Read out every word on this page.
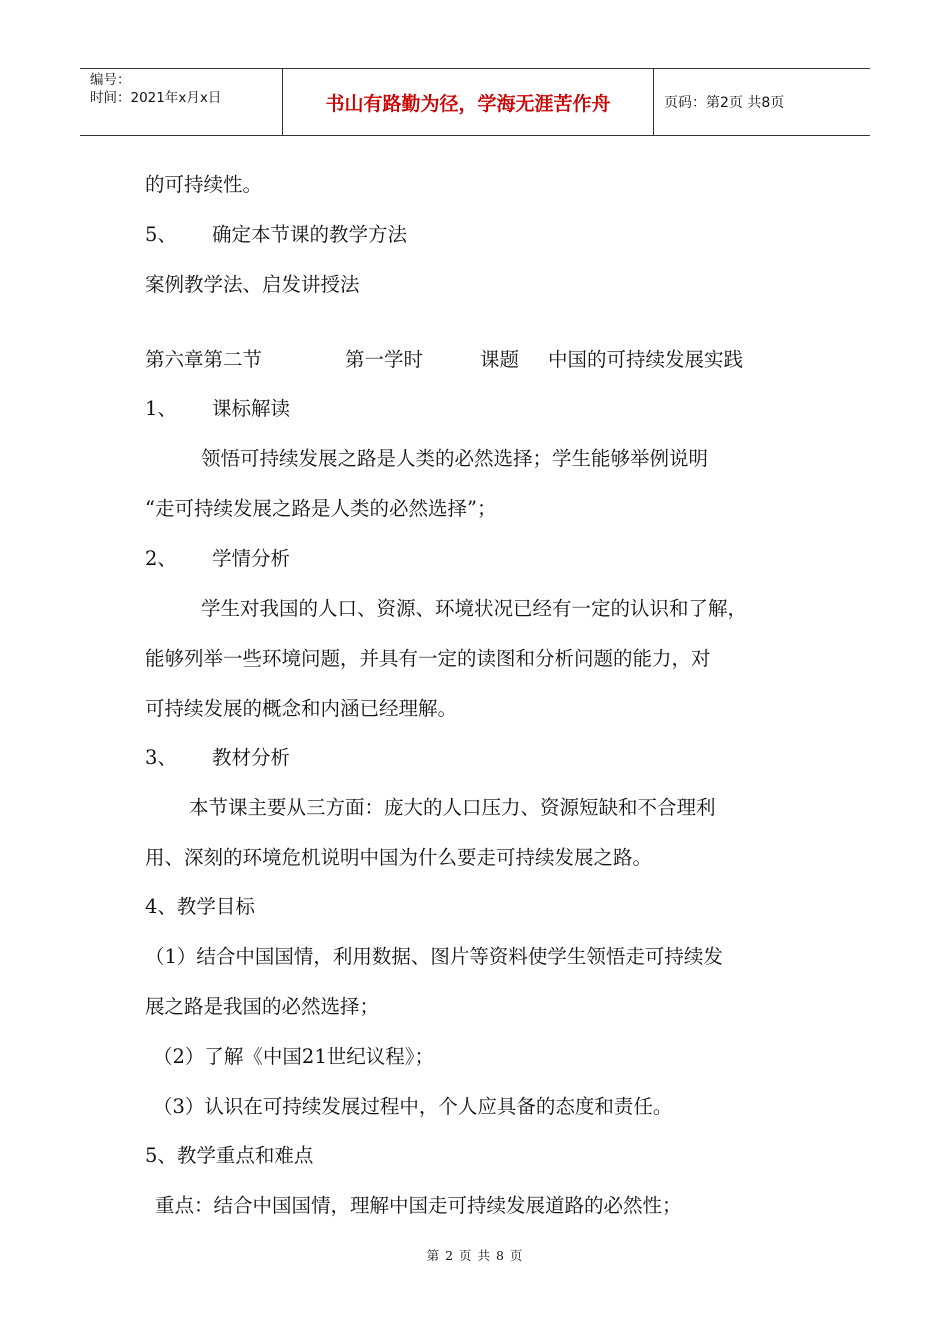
编号：
时间：2021年x月x日	书山有路勤为径，学海无涯苦作舟	页码：第2页 共8页
的可持续性。
5、 确定本节课的教学方法
案例教学法、启发讲授法
第六章第二节	第一学时	课题 中国的可持续发展实践
1、 课标解读
领悟可持续发展之路是人类的必然选择；学生能够举例说明
“走可持续发展之路是人类的必然选择”；
2、 学情分析
学生对我国的人口、资源、环境状况已经有一定的认识和了解，
能够列举一些环境问题，并具有一定的读图和分析问题的能力，对
可持续发展的概念和内涵已经理解。
3、 教材分析
本节课主要从三方面：庞大的人口压力、资源短缺和不合理利
用、深刻的环境危机说明中国为什么要走可持续发展之路。
4、教学目标
（1）结合中国国情，利用数据、图片等资料使学生领悟走可持续发
展之路是我国的必然选择；
（2）了解《中国21世纪议程》；
（3）认识在可持续发展过程中，个人应具备的态度和责任。
5、教学重点和难点
重点：结合中国国情，理解中国走可持续发展道路的必然性；
第 2 页 共 8 页
